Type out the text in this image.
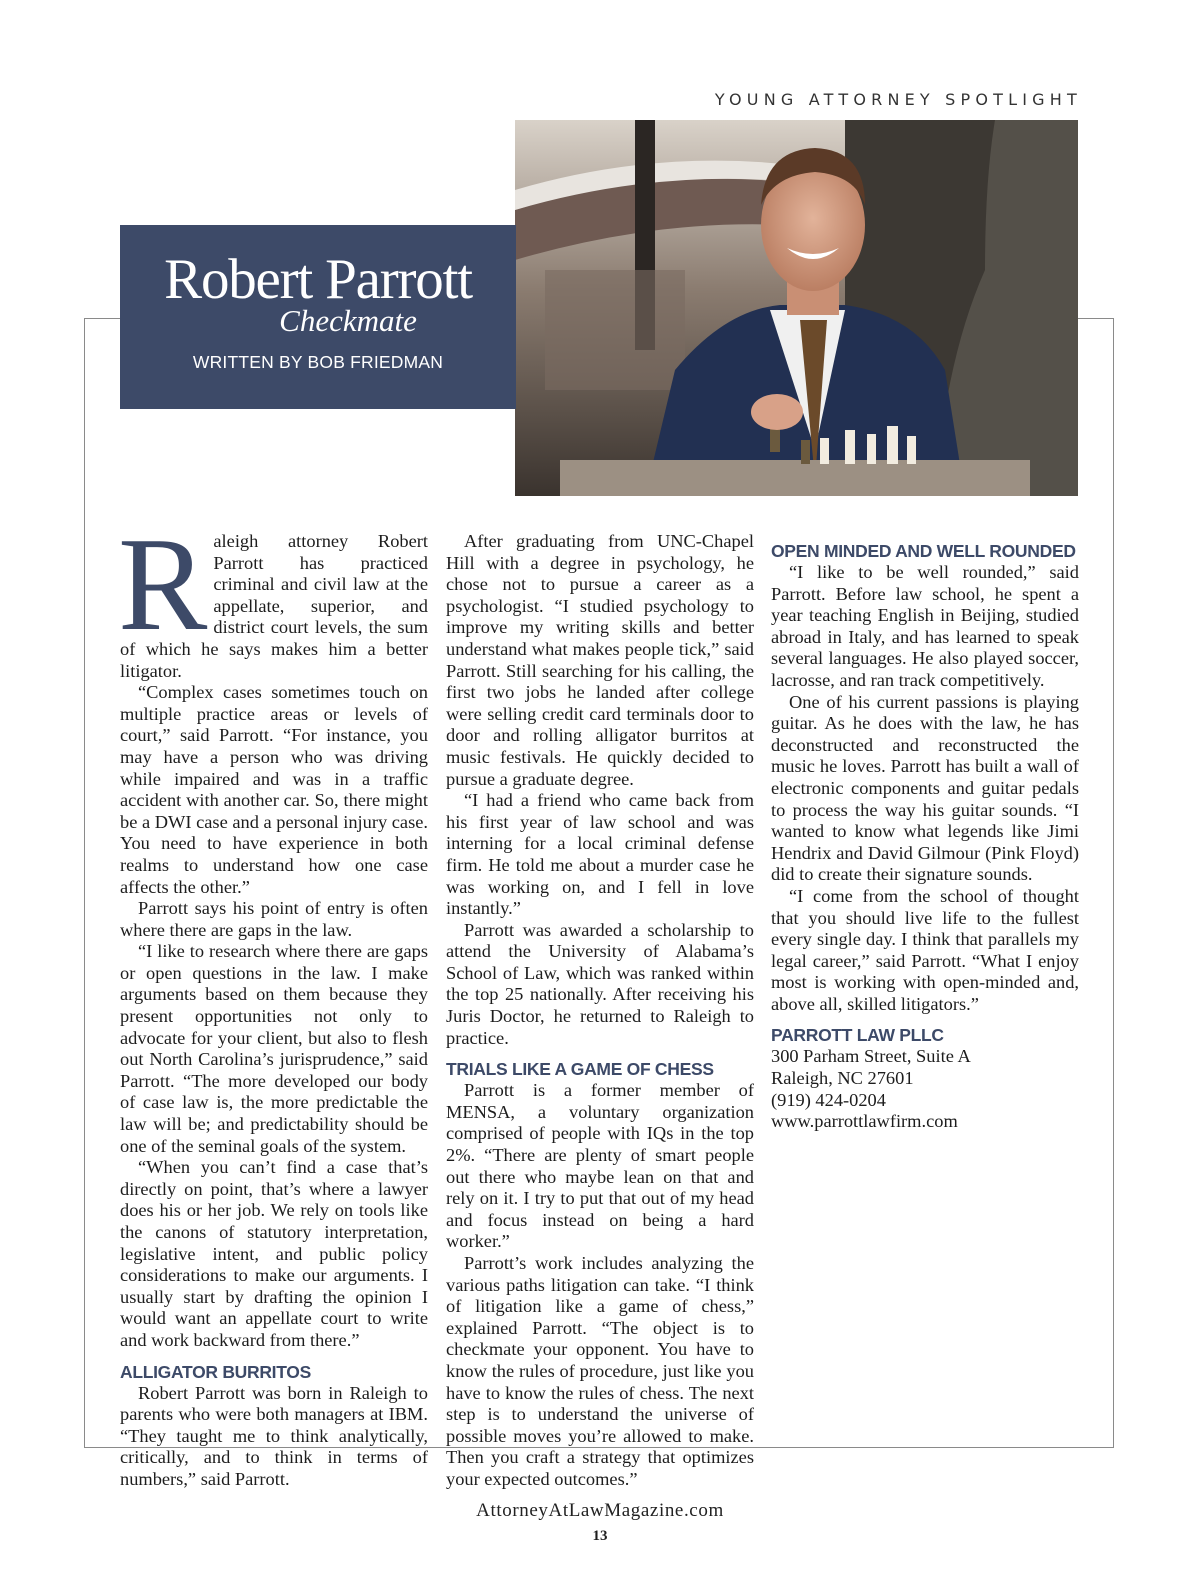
YOUNG ATTORNEY SPOTLIGHT
Robert Parrott
Checkmate
WRITTEN BY BOB FRIEDMAN

Raleigh attorney Robert Parrott has practiced criminal and civil law at the appellate, superior, and district court levels, the sum of which he says makes him a better litigator.

“Complex cases sometimes touch on multiple practice areas or levels of court,” said Parrott. “For instance, you may have a person who was driving while impaired and was in a traffic accident with another car. So, there might be a DWI case and a personal injury case. You need to have experience in both realms to understand how one case affects the other.”

Parrott says his point of entry is often where there are gaps in the law.

“I like to research where there are gaps or open questions in the law. I make arguments based on them because they present opportunities not only to advocate for your client, but also to flesh out North Carolina’s jurisprudence,” said Parrott. “The more developed our body of case law is, the more predictable the law will be; and predictability should be one of the seminal goals of the system.

“When you can’t find a case that’s directly on point, that’s where a lawyer does his or her job. We rely on tools like the canons of statutory interpretation, legislative intent, and public policy considerations to make our arguments. I usually start by drafting the opinion I would want an appellate court to write and work backward from there.”

ALLIGATOR BURRITOS

Robert Parrott was born in Raleigh to parents who were both managers at IBM. “They taught me to think analytically, critically, and to think in terms of numbers,” said Parrott.

After graduating from UNC-Chapel Hill with a degree in psychology, he chose not to pursue a career as a psychologist. “I studied psychology to improve my writing skills and better understand what makes people tick,” said Parrott. Still searching for his calling, the first two jobs he landed after college were selling credit card terminals door to door and rolling alligator burritos at music festivals. He quickly decided to pursue a graduate degree.

“I had a friend who came back from his first year of law school and was interning for a local criminal defense firm. He told me about a murder case he was working on, and I fell in love instantly.”

Parrott was awarded a scholarship to attend the University of Alabama’s School of Law, which was ranked within the top 25 nationally. After receiving his Juris Doctor, he returned to Raleigh to practice.

TRIALS LIKE A GAME OF CHESS

Parrott is a former member of MENSA, a voluntary organization comprised of people with IQs in the top 2%. “There are plenty of smart people out there who maybe lean on that and rely on it. I try to put that out of my head and focus instead on being a hard worker.”

Parrott’s work includes analyzing the various paths litigation can take. “I think of litigation like a game of chess,” explained Parrott. “The object is to checkmate your opponent. You have to know the rules of procedure, just like you have to know the rules of chess. The next step is to understand the universe of possible moves you’re allowed to make. Then you craft a strategy that optimizes your expected outcomes.”

OPEN MINDED AND WELL ROUNDED

“I like to be well rounded,” said Parrott. Before law school, he spent a year teaching English in Beijing, studied abroad in Italy, and has learned to speak several languages. He also played soccer, lacrosse, and ran track competitively.

One of his current passions is playing guitar. As he does with the law, he has deconstructed and reconstructed the music he loves. Parrott has built a wall of electronic components and guitar pedals to process the way his guitar sounds. “I wanted to know what legends like Jimi Hendrix and David Gilmour (Pink Floyd) did to create their signature sounds.

“I come from the school of thought that you should live life to the fullest every single day. I think that parallels my legal career,” said Parrott. “What I enjoy most is working with open-minded and, above all, skilled litigators.”

PARROTT LAW PLLC

300 Parham Street, Suite A

Raleigh, NC 27601

(919) 424-0204

www.parrottlawfirm.com

AttorneyAtLawMagazine.com
13
